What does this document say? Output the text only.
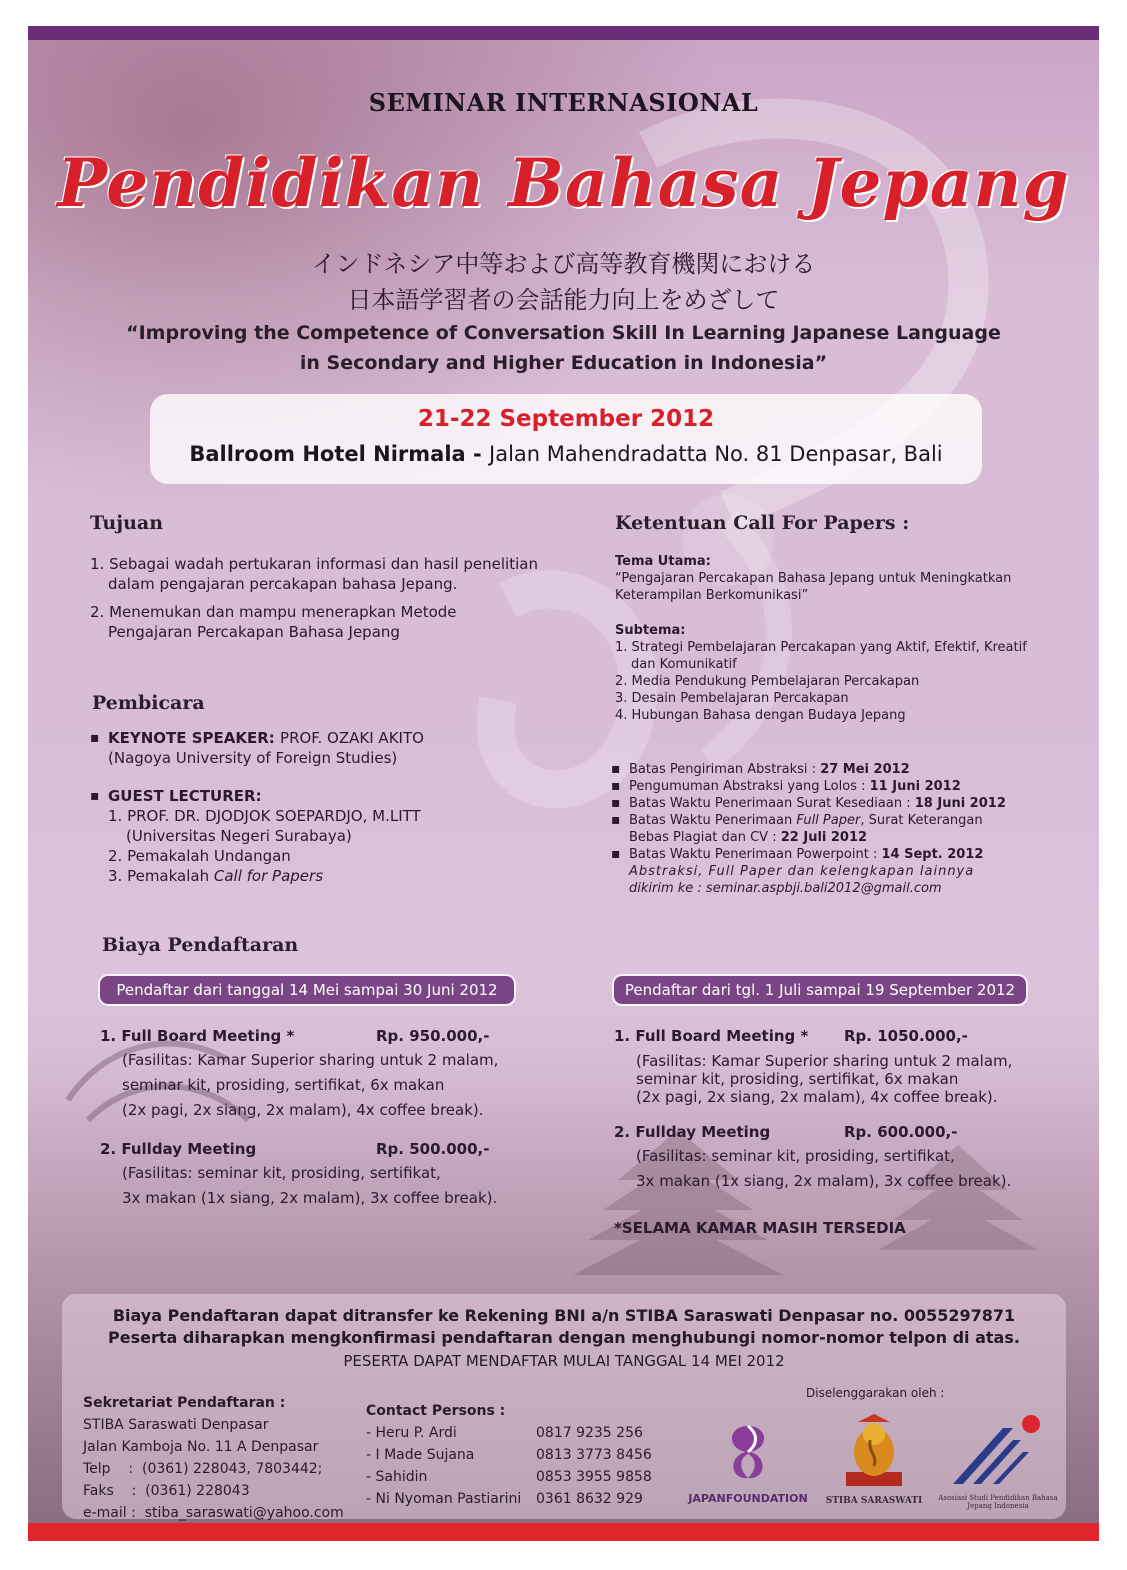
SEMINAR INTERNASIONAL
Pendidikan Bahasa Jepang
インドネシア中等および高等教育機関における
日本語学習者の会話能力向上をめざして
“Improving the Competence of Conversation Skill In Learning Japanese Language
in Secondary and Higher Education in Indonesia”
21-22 September 2012
Ballroom Hotel Nirmala - Jalan Mahendradatta No. 81 Denpasar, Bali
Tujuan
1. Sebagai wadah pertukaran informasi dan hasil penelitian
dalam pengajaran percakapan bahasa Jepang.
2. Menemukan dan mampu menerapkan Metode
Pengajaran Percakapan Bahasa Jepang
Pembicara
▪ KEYNOTE SPEAKER: PROF. OZAKI AKITO
(Nagoya University of Foreign Studies)
▪ GUEST LECTURER:
1. PROF. DR. DJODJOK SOEPARDJO, M.LITT
(Universitas Negeri Surabaya)
2. Pemakalah Undangan
3. Pemakalah Call for Papers
Ketentuan Call For Papers :
Tema Utama:
“Pengajaran Percakapan Bahasa Jepang untuk Meningkatkan
Keterampilan Berkomunikasi”
Subtema:
1. Strategi Pembelajaran Percakapan yang Aktif, Efektif, Kreatif
dan Komunikatif
2. Media Pendukung Pembelajaran Percakapan
3. Desain Pembelajaran Percakapan
4. Hubungan Bahasa dengan Budaya Jepang
▪ Batas Pengiriman Abstraksi : 27 Mei 2012
▪ Pengumuman Abstraksi yang Lolos : 11 Juni 2012
▪ Batas Waktu Penerimaan Surat Kesediaan : 18 Juni 2012
▪ Batas Waktu Penerimaan Full Paper, Surat Keterangan
Bebas Plagiat dan CV : 22 Juli 2012
▪ Batas Waktu Penerimaan Powerpoint : 14 Sept. 2012
Abstraksi, Full Paper dan kelengkapan lainnya
dikirim ke : seminar.aspbji.bali2012@gmail.com
Biaya Pendaftaran
Pendaftar dari tanggal 14 Mei sampai 30 Juni 2012	Pendaftar dari tgl. 1 Juli sampai 19 September 2012
1. Full Board Meeting *	Rp. 950.000,-
(Fasilitas: Kamar Superior sharing untuk 2 malam,
seminar kit, prosiding, sertifikat, 6x makan
(2x pagi, 2x siang, 2x malam), 4x coffee break).
2. Fullday Meeting	Rp. 500.000,-
(Fasilitas: seminar kit, prosiding, sertifikat,
3x makan (1x siang, 2x malam), 3x coffee break).
1. Full Board Meeting * Rp. 1050.000,-
(Fasilitas: Kamar Superior sharing untuk 2 malam,
seminar kit, prosiding, sertifikat, 6x makan
(2x pagi, 2x siang, 2x malam), 4x coffee break).
2. Fullday Meeting	Rp. 600.000,-
(Fasilitas: seminar kit, prosiding, sertifikat,
3x makan (1x siang, 2x malam), 3x coffee break).
*SELAMA KAMAR MASIH TERSEDIA
Biaya Pendaftaran dapat ditransfer ke Rekening BNI a/n STIBA Saraswati Denpasar no. 0055297871
Peserta diharapkan mengkonfirmasi pendaftaran dengan menghubungi nomor-nomor telpon di atas.
PESERTA DAPAT MENDAFTAR MULAI TANGGAL 14 MEI 2012
Sekretariat Pendaftaran :
STIBA Saraswati Denpasar
Jalan Kamboja No. 11 A Denpasar
Telp    :  (0361) 228043, 7803442;
Faks    :  (0361) 228043
e-mail :  stiba_saraswati@yahoo.com
Contact Persons :
- Heru P. Ardi	0817 9235 256
- I Made Sujana	0813 3773 8456
- Sahidin	0853 3955 9858
- Ni Nyoman Pastiarini 0361 8632 929
Diselenggarakan oleh :
JAPANFOUNDATION STIBA SARASWATI	Asosiasi Studi Pendidikan Bahasa Jepang Indonesia
